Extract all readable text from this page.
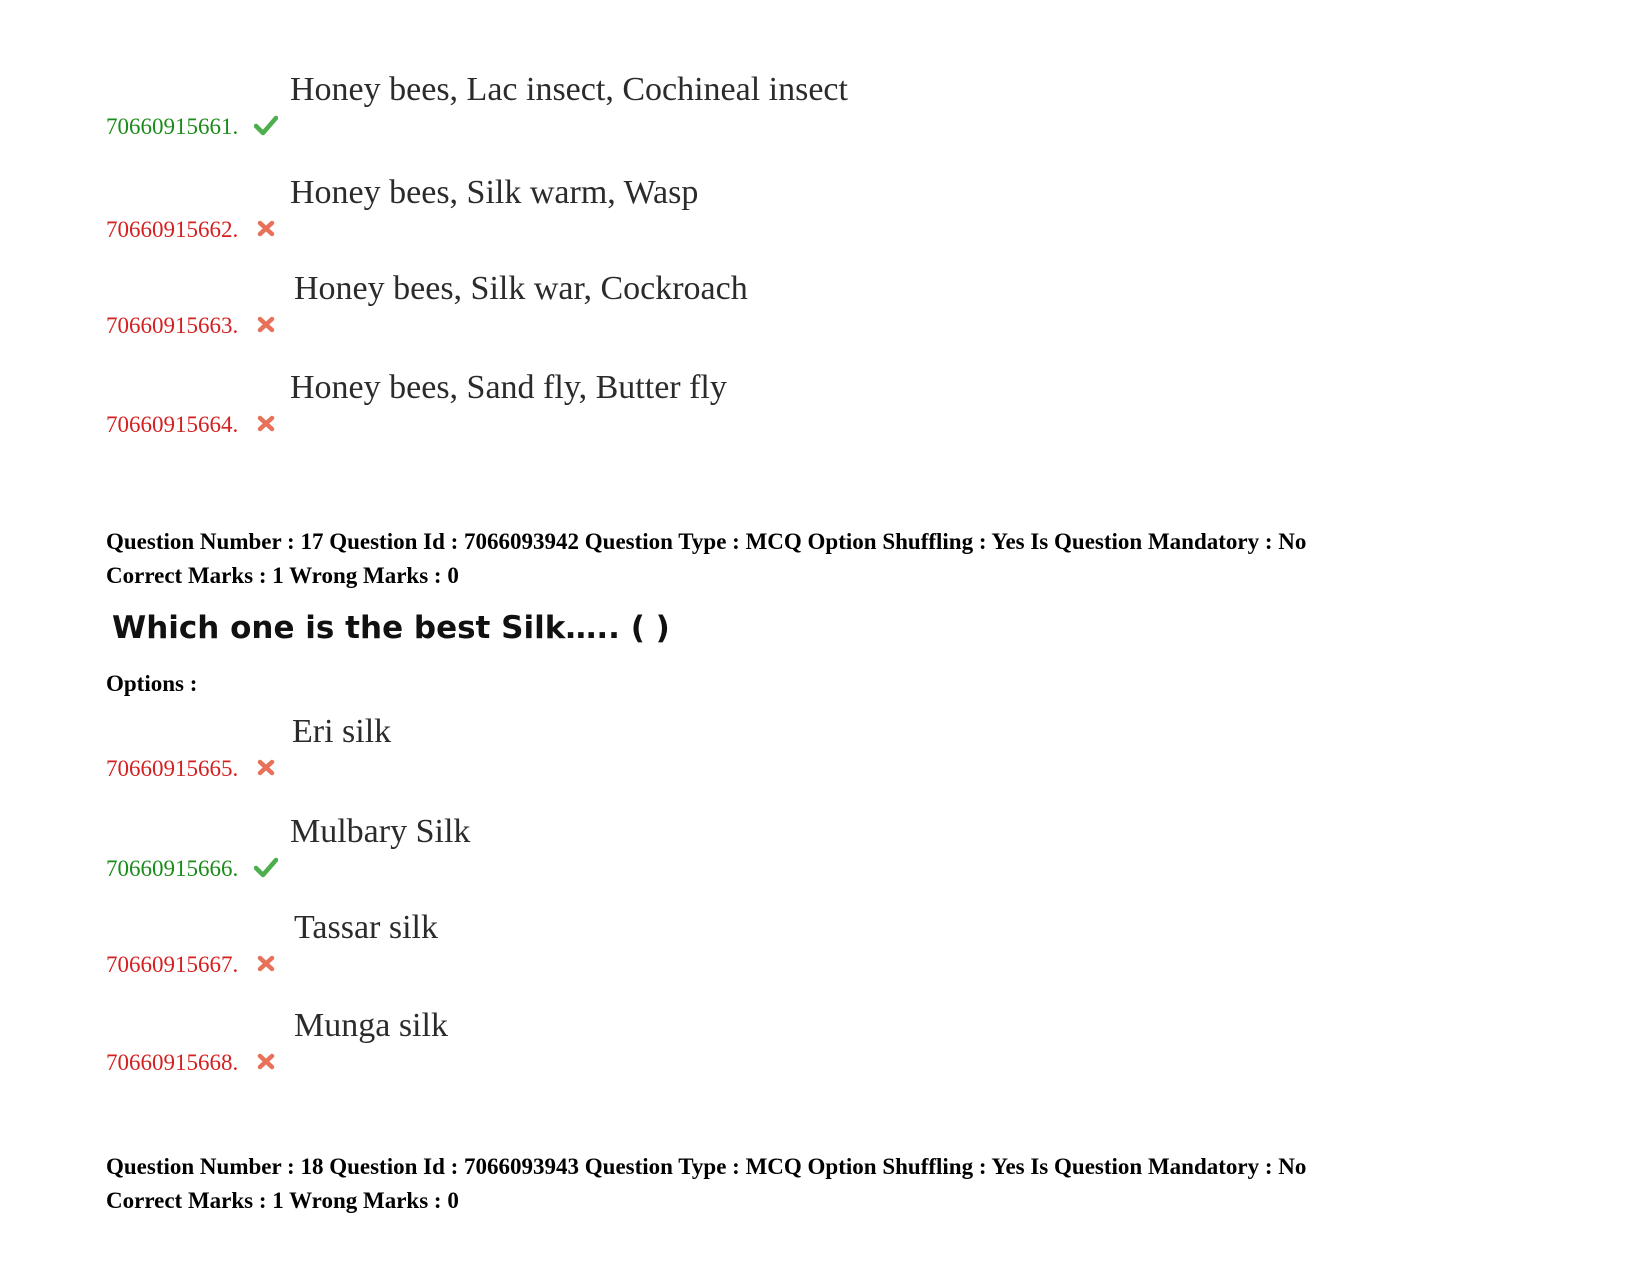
70660915661.
Honey bees, Lac insect, Cochineal insect
70660915662.
Honey bees, Silk warm, Wasp
70660915663.
Honey bees, Silk war, Cockroach
70660915664.
Honey bees, Sand fly, Butter fly
Question Number : 17 Question Id : 7066093942 Question Type : MCQ Option Shuffling : Yes Is Question Mandatory : No
Correct Marks : 1 Wrong Marks : 0
Which one is the best Silk….. ( )
Options :
70660915665.
Eri silk
70660915666.
Mulbary Silk
70660915667.
Tassar silk
70660915668.
Munga silk
Question Number : 18 Question Id : 7066093943 Question Type : MCQ Option Shuffling : Yes Is Question Mandatory : No
Correct Marks : 1 Wrong Marks : 0
